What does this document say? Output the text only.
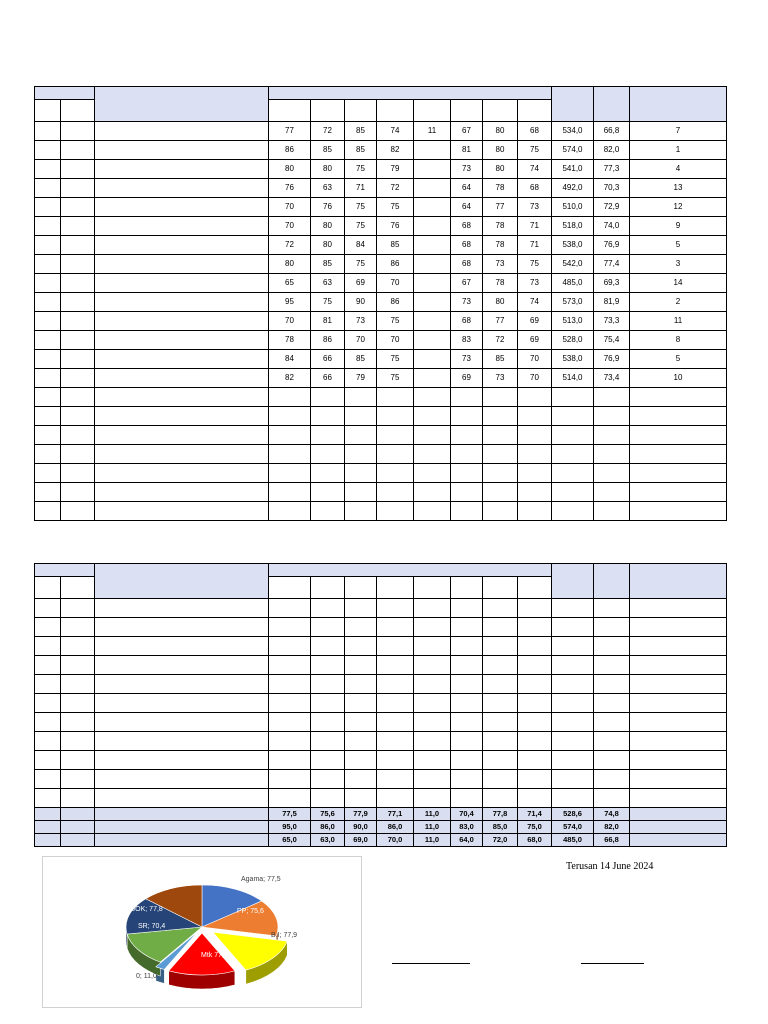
			77	72	85	74	11	67	80	68	534,0	66,8	7
			86	85	85	82		81	80	75	574,0	82,0	1
			80	80	75	79		73	80	74	541,0	77,3	4
			76	63	71	72		64	78	68	492,0	70,3	13
			70	76	75	75		64	77	73	510,0	72,9	12
			70	80	75	76		68	78	71	518,0	74,0	9
			72	80	84	85		68	78	71	538,0	76,9	5
			80	85	75	86		68	73	75	542,0	77,4	3
			65	63	69	70		67	78	73	485,0	69,3	14
			95	75	90	86		73	80	74	573,0	81,9	2
			70	81	73	75		68	77	69	513,0	73,3	11
			78	86	70	70		83	72	69	528,0	75,4	8
			84	66	85	75		73	85	70	538,0	76,9	5
			82	66	79	75		69	73	70	514,0	73,4	10

			77,5	75,6	77,9	77,1	11,0	70,4	77,8	71,4	528,6	74,8	
			95,0	86,0	90,0	86,0	11,0	83,0	85,0	75,0	574,0	82,0	
			65,0	63,0	69,0	70,0	11,0	64,0	72,0	68,0	485,0	66,8	
Agama; 77,5
PP; 75,6
B.I; 77,9
Mtk 77,1
0; 11,0
SR; 70,4
PJOK; 77,8
Terusan 14 June 2024
